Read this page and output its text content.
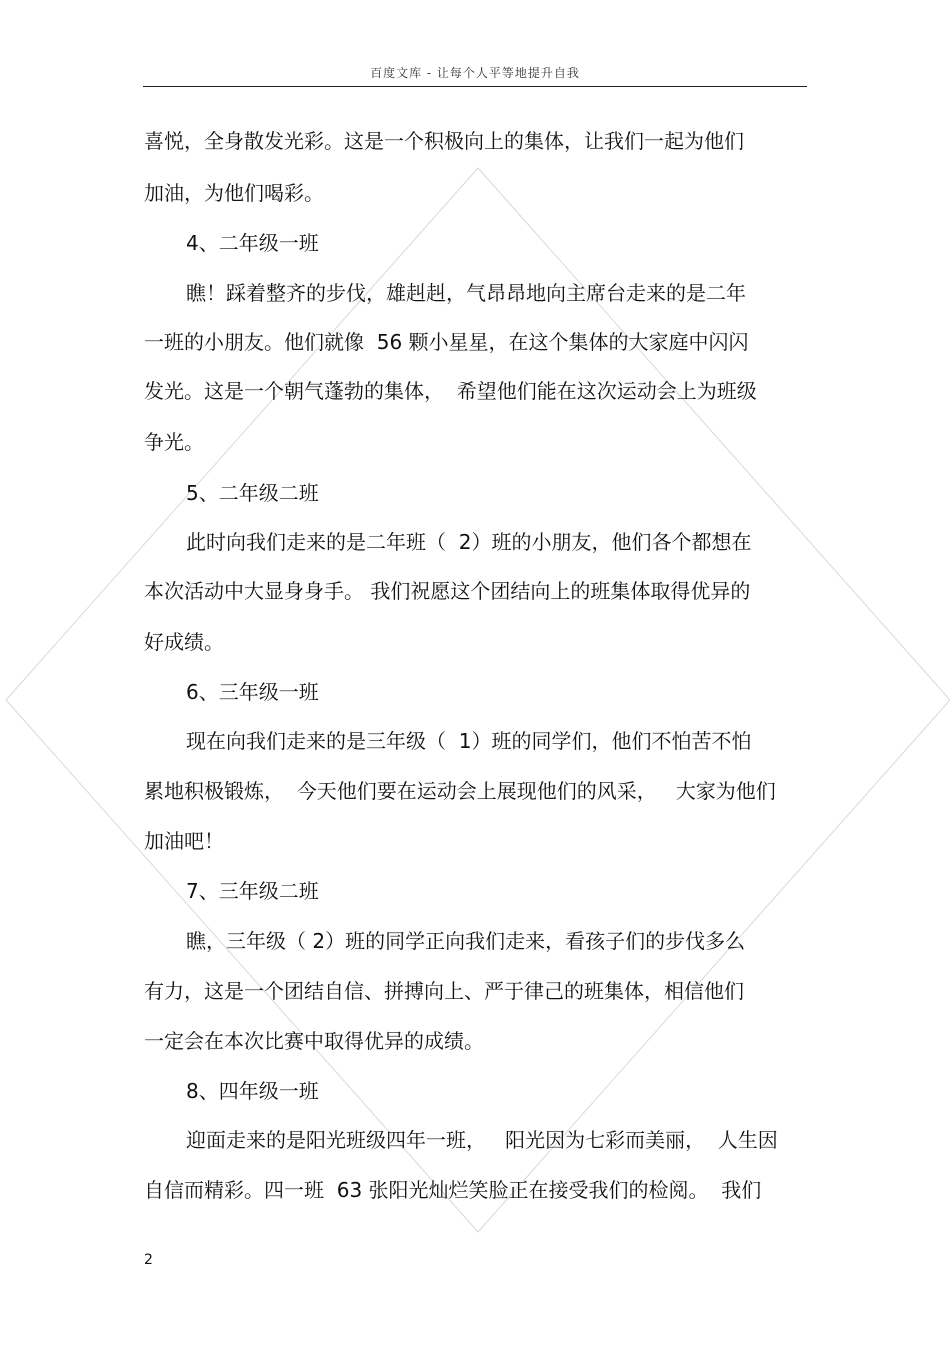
百度文库 - 让每个人平等地提升自我
喜悦，全身散发光彩。这是一个积极向上的集体，让我们一起为他们
加油，为他们喝彩。
4、二年级一班
瞧！踩着整齐的步伐，雄赳赳，气昂昂地向主席台走来的是二年
一班的小朋友。他们就像  56 颗小星星，在这个集体的大家庭中闪闪
发光。这是一个朝气蓬勃的集体，  希望他们能在这次运动会上为班级
争光。
5、二年级二班
此时向我们走来的是二年班（  2）班的小朋友，他们各个都想在
本次活动中大显身身手。 我们祝愿这个团结向上的班集体取得优异的
好成绩。
6、三年级一班
现在向我们走来的是三年级（  1）班的同学们，他们不怕苦不怕
累地积极锻炼，  今天他们要在运动会上展现他们的风采，   大家为他们
加油吧！
7、三年级二班
瞧，三年级（ 2）班的同学正向我们走来，看孩子们的步伐多么
有力，这是一个团结自信、拼搏向上、严于律己的班集体，相信他们
一定会在本次比赛中取得优异的成绩。
8、四年级一班
迎面走来的是阳光班级四年一班，   阳光因为七彩而美丽，  人生因
自信而精彩。四一班  63 张阳光灿烂笑脸正在接受我们的检阅。  我们
2
